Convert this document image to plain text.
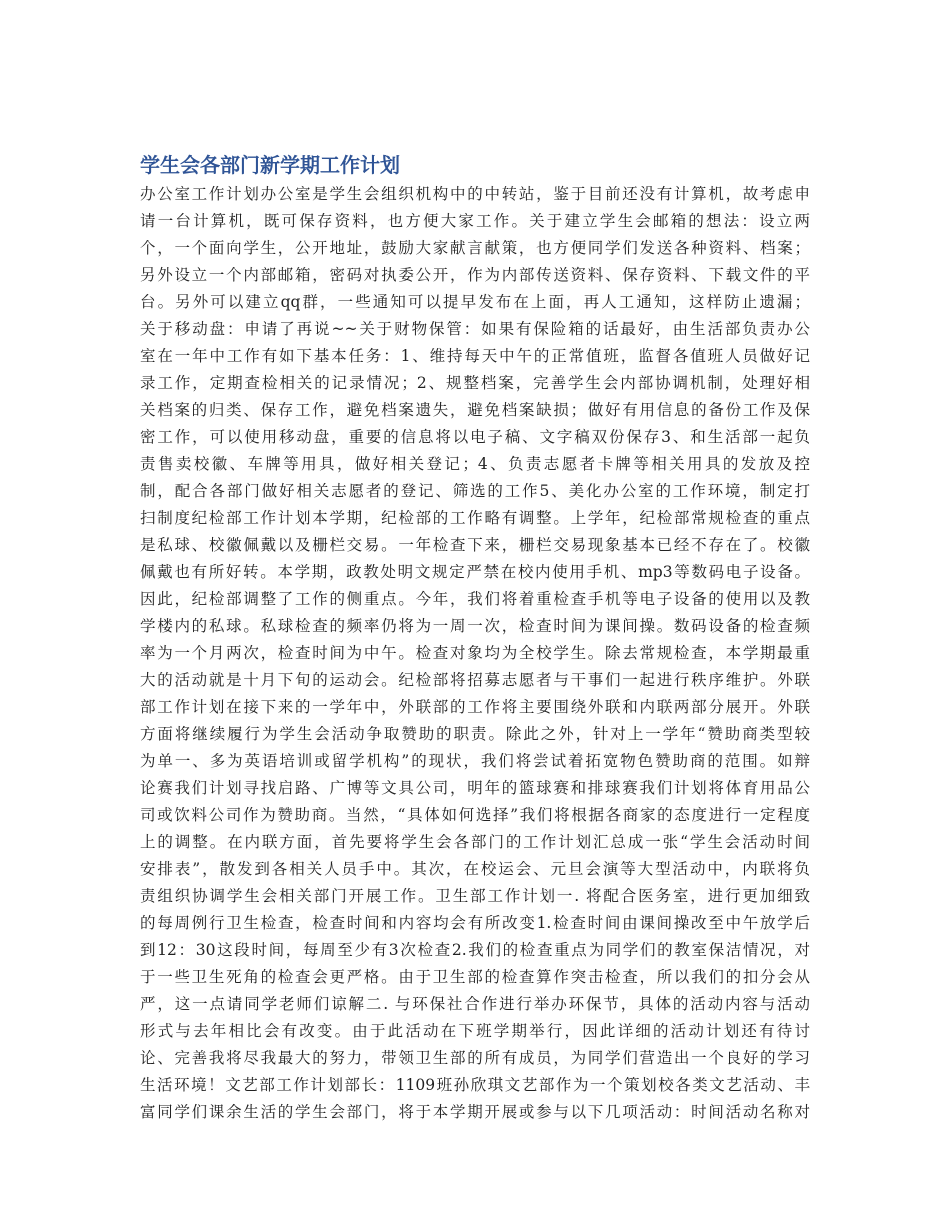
学生会各部门新学期工作计划
办公室工作计划办公室是学生会组织机构中的中转站，鉴于目前还没有计算机，故考虑申
请一台计算机，既可保存资料，也方便大家工作。关于建立学生会邮箱的想法：设立两
个，一个面向学生，公开地址，鼓励大家献言献策，也方便同学们发送各种资料、档案；
另外设立一个内部邮箱，密码对执委公开，作为内部传送资料、保存资料、下载文件的平
台。另外可以建立qq群，一些通知可以提早发布在上面，再人工通知，这样防止遗漏；
关于移动盘：申请了再说~~关于财物保管：如果有保险箱的话最好，由生活部负责办公
室在一年中工作有如下基本任务：1、维持每天中午的正常值班，监督各值班人员做好记
录工作，定期查检相关的记录情况；2、规整档案，完善学生会内部协调机制，处理好相
关档案的归类、保存工作，避免档案遗失，避免档案缺损；做好有用信息的备份工作及保
密工作，可以使用移动盘，重要的信息将以电子稿、文字稿双份保存3、和生活部一起负
责售卖校徽、车牌等用具，做好相关登记；4、负责志愿者卡牌等相关用具的发放及控
制，配合各部门做好相关志愿者的登记、筛选的工作5、美化办公室的工作环境，制定打
扫制度纪检部工作计划本学期，纪检部的工作略有调整。上学年，纪检部常规检查的重点
是私球、校徽佩戴以及栅栏交易。一年检查下来，栅栏交易现象基本已经不存在了。校徽
佩戴也有所好转。本学期，政教处明文规定严禁在校内使用手机、mp3等数码电子设备。
因此，纪检部调整了工作的侧重点。今年，我们将着重检查手机等电子设备的使用以及教
学楼内的私球。私球检查的频率仍将为一周一次，检查时间为课间操。数码设备的检查频
率为一个月两次，检查时间为中午。检查对象均为全校学生。除去常规检查，本学期最重
大的活动就是十月下旬的运动会。纪检部将招募志愿者与干事们一起进行秩序维护。外联
部工作计划在接下来的一学年中，外联部的工作将主要围绕外联和内联两部分展开。外联
方面将继续履行为学生会活动争取赞助的职责。除此之外，针对上一学年“赞助商类型较
为单一、多为英语培训或留学机构”的现状，我们将尝试着拓宽物色赞助商的范围。如辩
论赛我们计划寻找启路、广博等文具公司，明年的篮球赛和排球赛我们计划将体育用品公
司或饮料公司作为赞助商。当然，“具体如何选择”我们将根据各商家的态度进行一定程度
上的调整。在内联方面，首先要将学生会各部门的工作计划汇总成一张“学生会活动时间
安排表”，散发到各相关人员手中。其次，在校运会、元旦会演等大型活动中，内联将负
责组织协调学生会相关部门开展工作。卫生部工作计划一. 将配合医务室，进行更加细致
的每周例行卫生检查，检查时间和内容均会有所改变1.检查时间由课间操改至中午放学后
到12：30这段时间，每周至少有3次检查2.我们的检查重点为同学们的教室保洁情况，对
于一些卫生死角的检查会更严格。由于卫生部的检查算作突击检查，所以我们的扣分会从
严，这一点请同学老师们谅解二. 与环保社合作进行举办环保节，具体的活动内容与活动
形式与去年相比会有改变。由于此活动在下班学期举行，因此详细的活动计划还有待讨
论、完善我将尽我最大的努力，带领卫生部的所有成员，为同学们营造出一个良好的学习
生活环境！文艺部工作计划部长：1109班孙欣琪文艺部作为一个策划校各类文艺活动、丰
富同学们课余生活的学生会部门，将于本学期开展或参与以下几项活动：时间活动名称对
